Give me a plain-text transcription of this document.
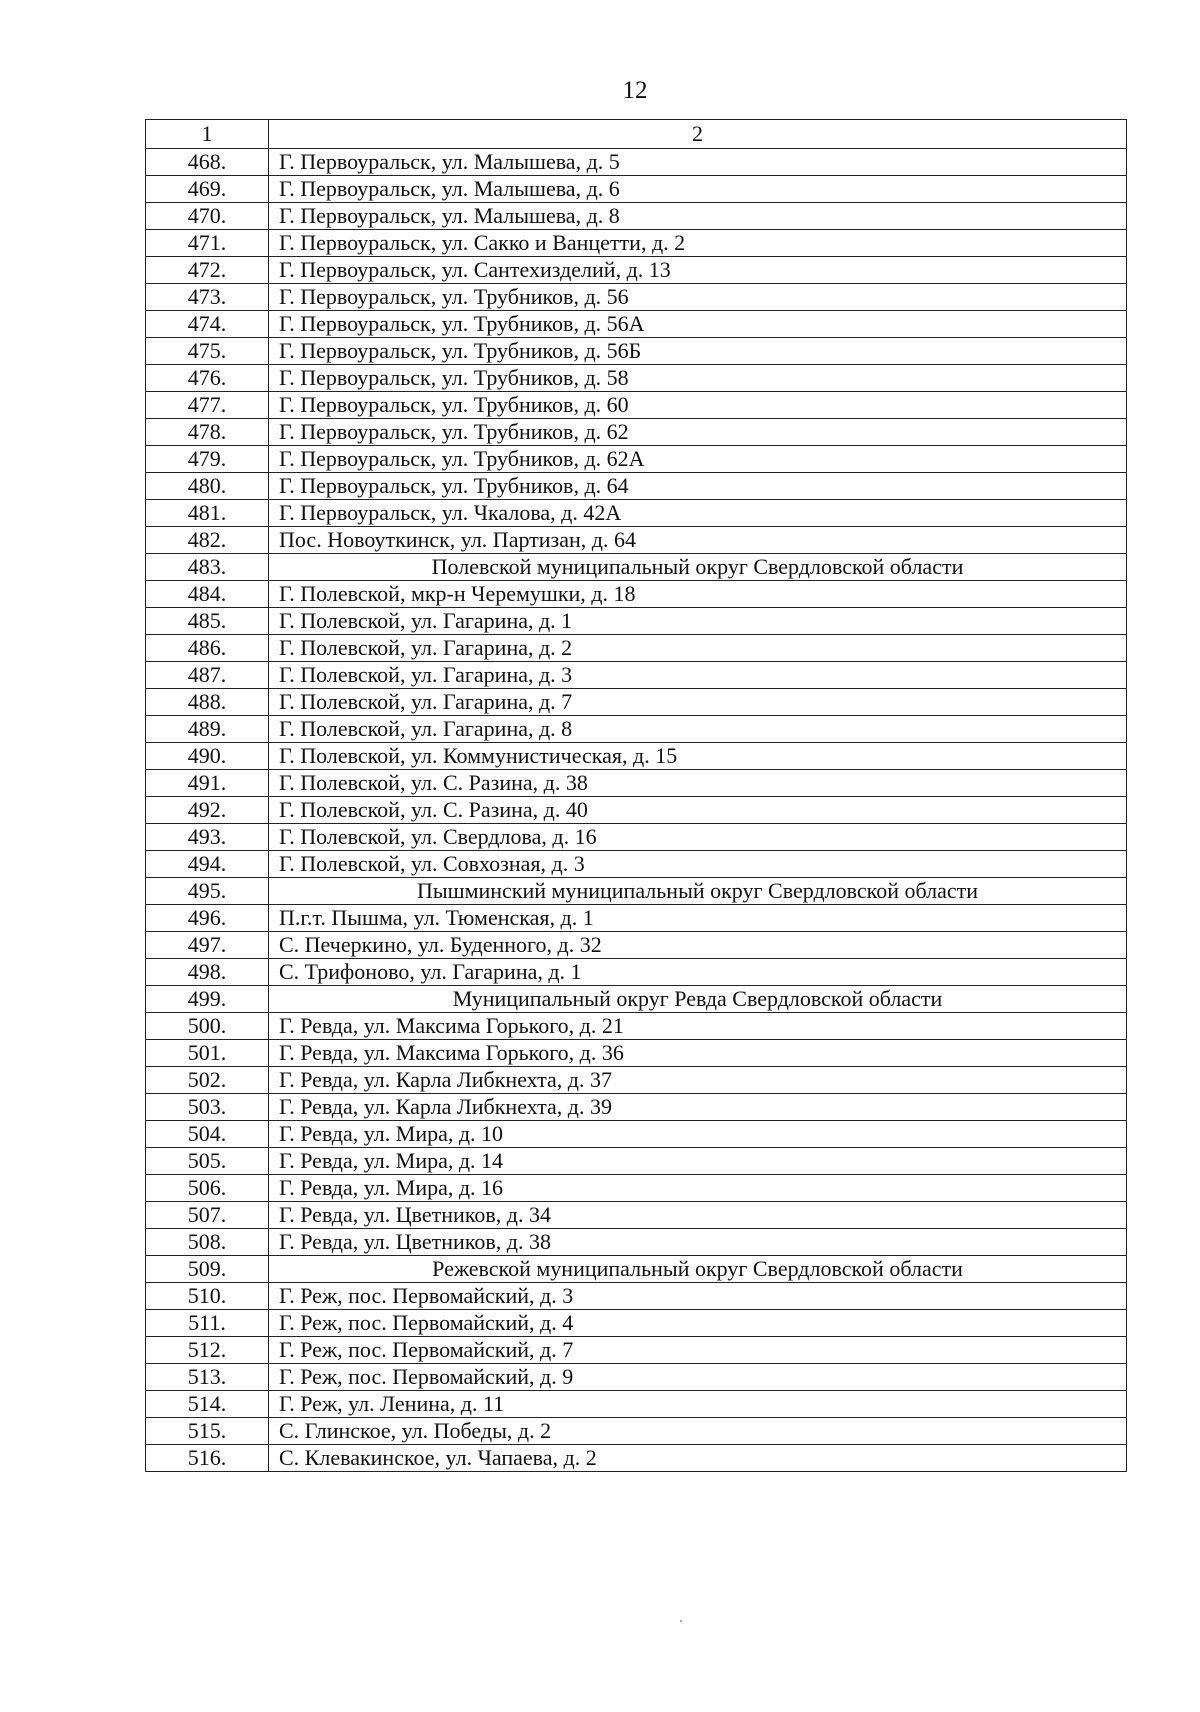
12
1	2
468.	Г. Первоуральск, ул. Малышева, д. 5
469.	Г. Первоуральск, ул. Малышева, д. 6
470.	Г. Первоуральск, ул. Малышева, д. 8
471.	Г. Первоуральск, ул. Сакко и Ванцетти, д. 2
472.	Г. Первоуральск, ул. Сантехизделий, д. 13
473.	Г. Первоуральск, ул. Трубников, д. 56
474.	Г. Первоуральск, ул. Трубников, д. 56А
475.	Г. Первоуральск, ул. Трубников, д. 56Б
476.	Г. Первоуральск, ул. Трубников, д. 58
477.	Г. Первоуральск, ул. Трубников, д. 60
478.	Г. Первоуральск, ул. Трубников, д. 62
479.	Г. Первоуральск, ул. Трубников, д. 62А
480.	Г. Первоуральск, ул. Трубников, д. 64
481.	Г. Первоуральск, ул. Чкалова, д. 42А
482.	Пос. Новоуткинск, ул. Партизан, д. 64
483.	Полевской муниципальный округ Свердловской области
484.	Г. Полевской, мкр-н Черемушки, д. 18
485.	Г. Полевской, ул. Гагарина, д. 1
486.	Г. Полевской, ул. Гагарина, д. 2
487.	Г. Полевской, ул. Гагарина, д. 3
488.	Г. Полевской, ул. Гагарина, д. 7
489.	Г. Полевской, ул. Гагарина, д. 8
490.	Г. Полевской, ул. Коммунистическая, д. 15
491.	Г. Полевской, ул. С. Разина, д. 38
492.	Г. Полевской, ул. С. Разина, д. 40
493.	Г. Полевской, ул. Свердлова, д. 16
494.	Г. Полевской, ул. Совхозная, д. 3
495.	Пышминский муниципальный округ Свердловской области
496.	П.г.т. Пышма, ул. Тюменская, д. 1
497.	С. Печеркино, ул. Буденного, д. 32
498.	С. Трифоново, ул. Гагарина, д. 1
499.	Муниципальный округ Ревда Свердловской области
500.	Г. Ревда, ул. Максима Горького, д. 21
501.	Г. Ревда, ул. Максима Горького, д. 36
502.	Г. Ревда, ул. Карла Либкнехта, д. 37
503.	Г. Ревда, ул. Карла Либкнехта, д. 39
504.	Г. Ревда, ул. Мира, д. 10
505.	Г. Ревда, ул. Мира, д. 14
506.	Г. Ревда, ул. Мира, д. 16
507.	Г. Ревда, ул. Цветников, д. 34
508.	Г. Ревда, ул. Цветников, д. 38
509.	Режевской муниципальный округ Свердловской области
510.	Г. Реж, пос. Первомайский, д. 3
511.	Г. Реж, пос. Первомайский, д. 4
512.	Г. Реж, пос. Первомайский, д. 7
513.	Г. Реж, пос. Первомайский, д. 9
514.	Г. Реж, ул. Ленина, д. 11
515.	С. Глинское, ул. Победы, д. 2
516.	С. Клевакинское, ул. Чапаева, д. 2
